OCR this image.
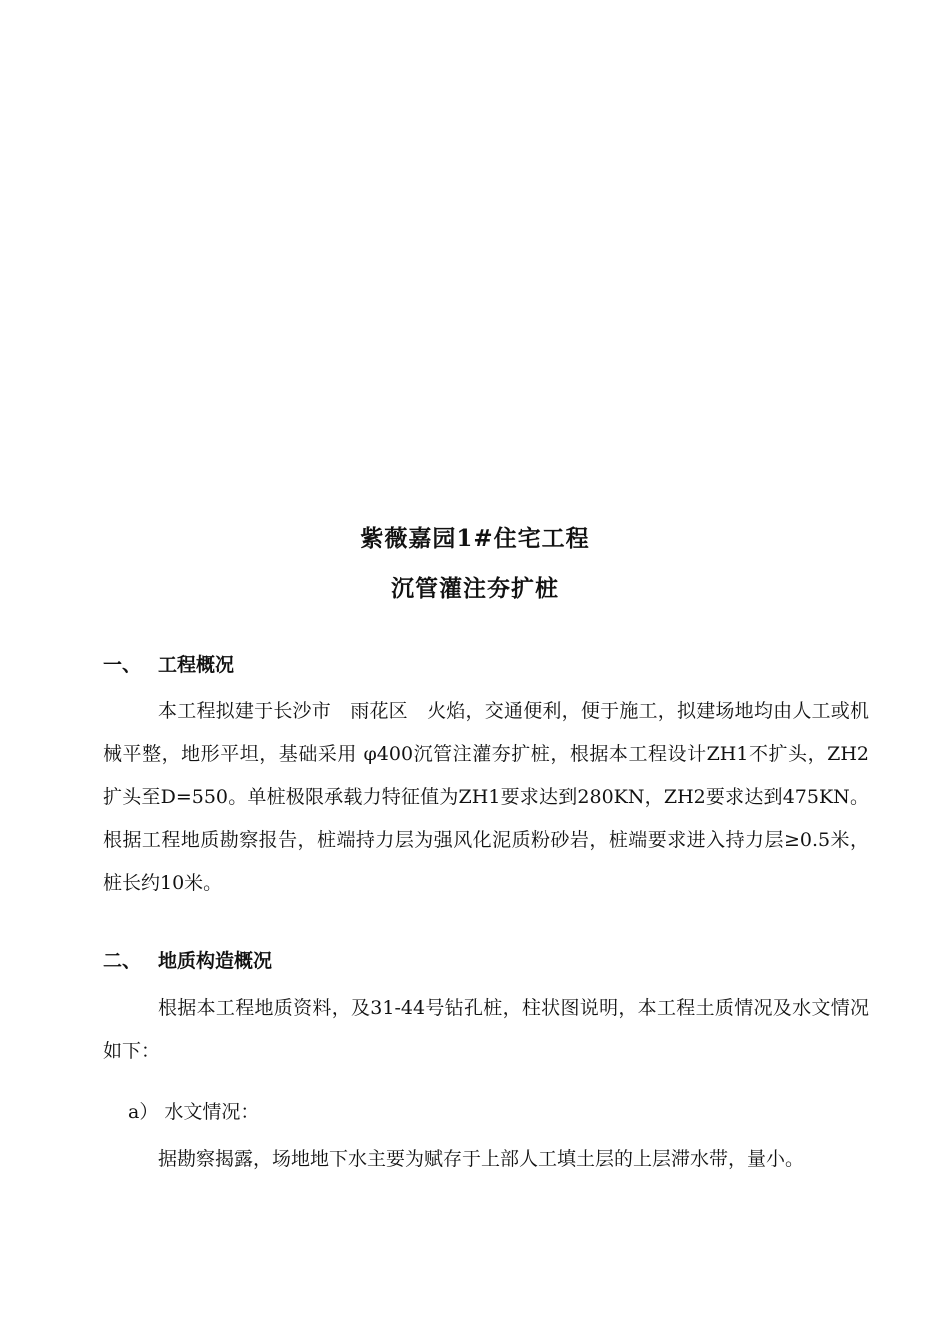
紫薇嘉园1#住宅工程
沉管灌注夯扩桩
一、 工程概况
本工程拟建于长沙市　雨花区　火焰，交通便利，便于施工，拟建场地均由人工或机械平整，地形平坦，基础采用 φ400沉管注灌夯扩桩，根据本工程设计ZH1不扩头，ZH2扩头至D=550。单桩极限承载力特征值为ZH1要求达到280KN，ZH2要求达到475KN。根据工程地质勘察报告，桩端持力层为强风化泥质粉砂岩，桩端要求进入持力层≥0.5米，桩长约10米。
二、 地质构造概况
根据本工程地质资料，及31-44号钻孔桩，柱状图说明，本工程土质情况及水文情况如下：
a） 水文情况：
据勘察揭露，场地地下水主要为赋存于上部人工填土层的上层滞水带，量小。
